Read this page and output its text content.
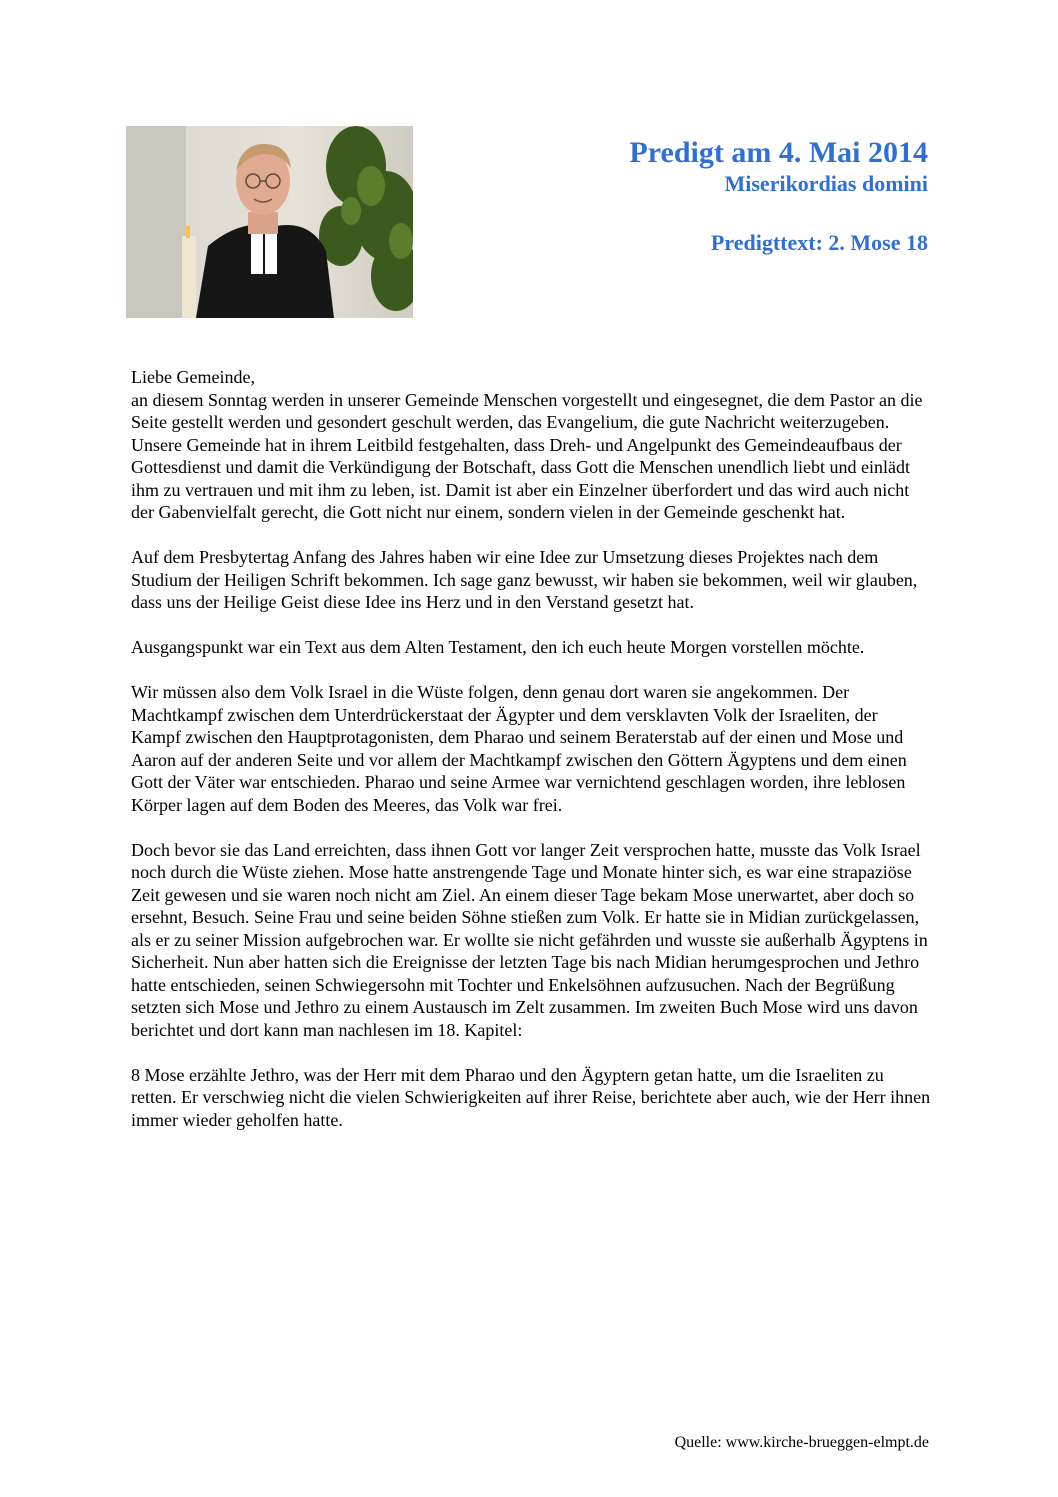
Predigt am 4. Mai 2014
Miserikordias domini
Predigttext: 2. Mose 18

Liebe Gemeinde,

an diesem Sonntag werden in unserer Gemeinde Menschen vorgestellt und eingesegnet, die dem Pastor an die Seite gestellt werden und gesondert geschult werden, das Evangelium, die gute Nachricht weiterzugeben. Unsere Gemeinde hat in ihrem Leitbild festgehalten, dass Dreh- und Angelpunkt des Gemeindeaufbaus der Gottesdienst und damit die Verkündigung der Botschaft, dass Gott die Menschen unendlich liebt und einlädt ihm zu vertrauen und mit ihm zu leben, ist. Damit ist aber ein Einzelner überfordert und das wird auch nicht der Gabenvielfalt gerecht, die Gott nicht nur einem, sondern vielen in der Gemeinde geschenkt hat.

Auf dem Presbytertag Anfang des Jahres haben wir eine Idee zur Umsetzung dieses Projektes nach dem Studium der Heiligen Schrift bekommen. Ich sage ganz bewusst, wir haben sie bekommen, weil wir glauben, dass uns der Heilige Geist diese Idee ins Herz und in den Verstand gesetzt hat.

Ausgangspunkt war ein Text aus dem Alten Testament, den ich euch heute Morgen vorstellen möchte.

Wir müssen also dem Volk Israel in die Wüste folgen, denn genau dort waren sie angekommen. Der Machtkampf zwischen dem Unterdrückerstaat der Ägypter und dem versklavten Volk der Israeliten, der Kampf zwischen den Hauptprotagonisten, dem Pharao und seinem Beraterstab auf der einen und Mose und Aaron auf der anderen Seite und vor allem der Machtkampf zwischen den Göttern Ägyptens und dem einen Gott der Väter war entschieden. Pharao und seine Armee war vernichtend geschlagen worden, ihre leblosen Körper lagen auf dem Boden des Meeres, das Volk war frei.

Doch bevor sie das Land erreichten, dass ihnen Gott vor langer Zeit versprochen hatte, musste das Volk Israel noch durch die Wüste ziehen. Mose hatte anstrengende Tage und Monate hinter sich, es war eine strapaziöse Zeit gewesen und sie waren noch nicht am Ziel. An einem dieser Tage bekam Mose unerwartet, aber doch so ersehnt, Besuch. Seine Frau und seine beiden Söhne stießen zum Volk. Er hatte sie in Midian zurückgelassen, als er zu seiner Mission aufgebrochen war. Er wollte sie nicht gefährden und wusste sie außerhalb Ägyptens in Sicherheit. Nun aber hatten sich die Ereignisse der letzten Tage bis nach Midian herumgesprochen und Jethro hatte entschieden, seinen Schwiegersohn mit Tochter und Enkelsöhnen aufzusuchen. Nach der Begrüßung setzten sich Mose und Jethro zu einem Austausch im Zelt zusammen. Im zweiten Buch Mose wird uns davon berichtet und dort kann man nachlesen im 18. Kapitel:

8 Mose erzählte Jethro, was der Herr mit dem Pharao und den Ägyptern getan hatte, um die Israeliten zu retten. Er verschwieg nicht die vielen Schwierigkeiten auf ihrer Reise, berichtete aber auch, wie der Herr ihnen immer wieder geholfen hatte.

Quelle: www.kirche-brueggen-elmpt.de
